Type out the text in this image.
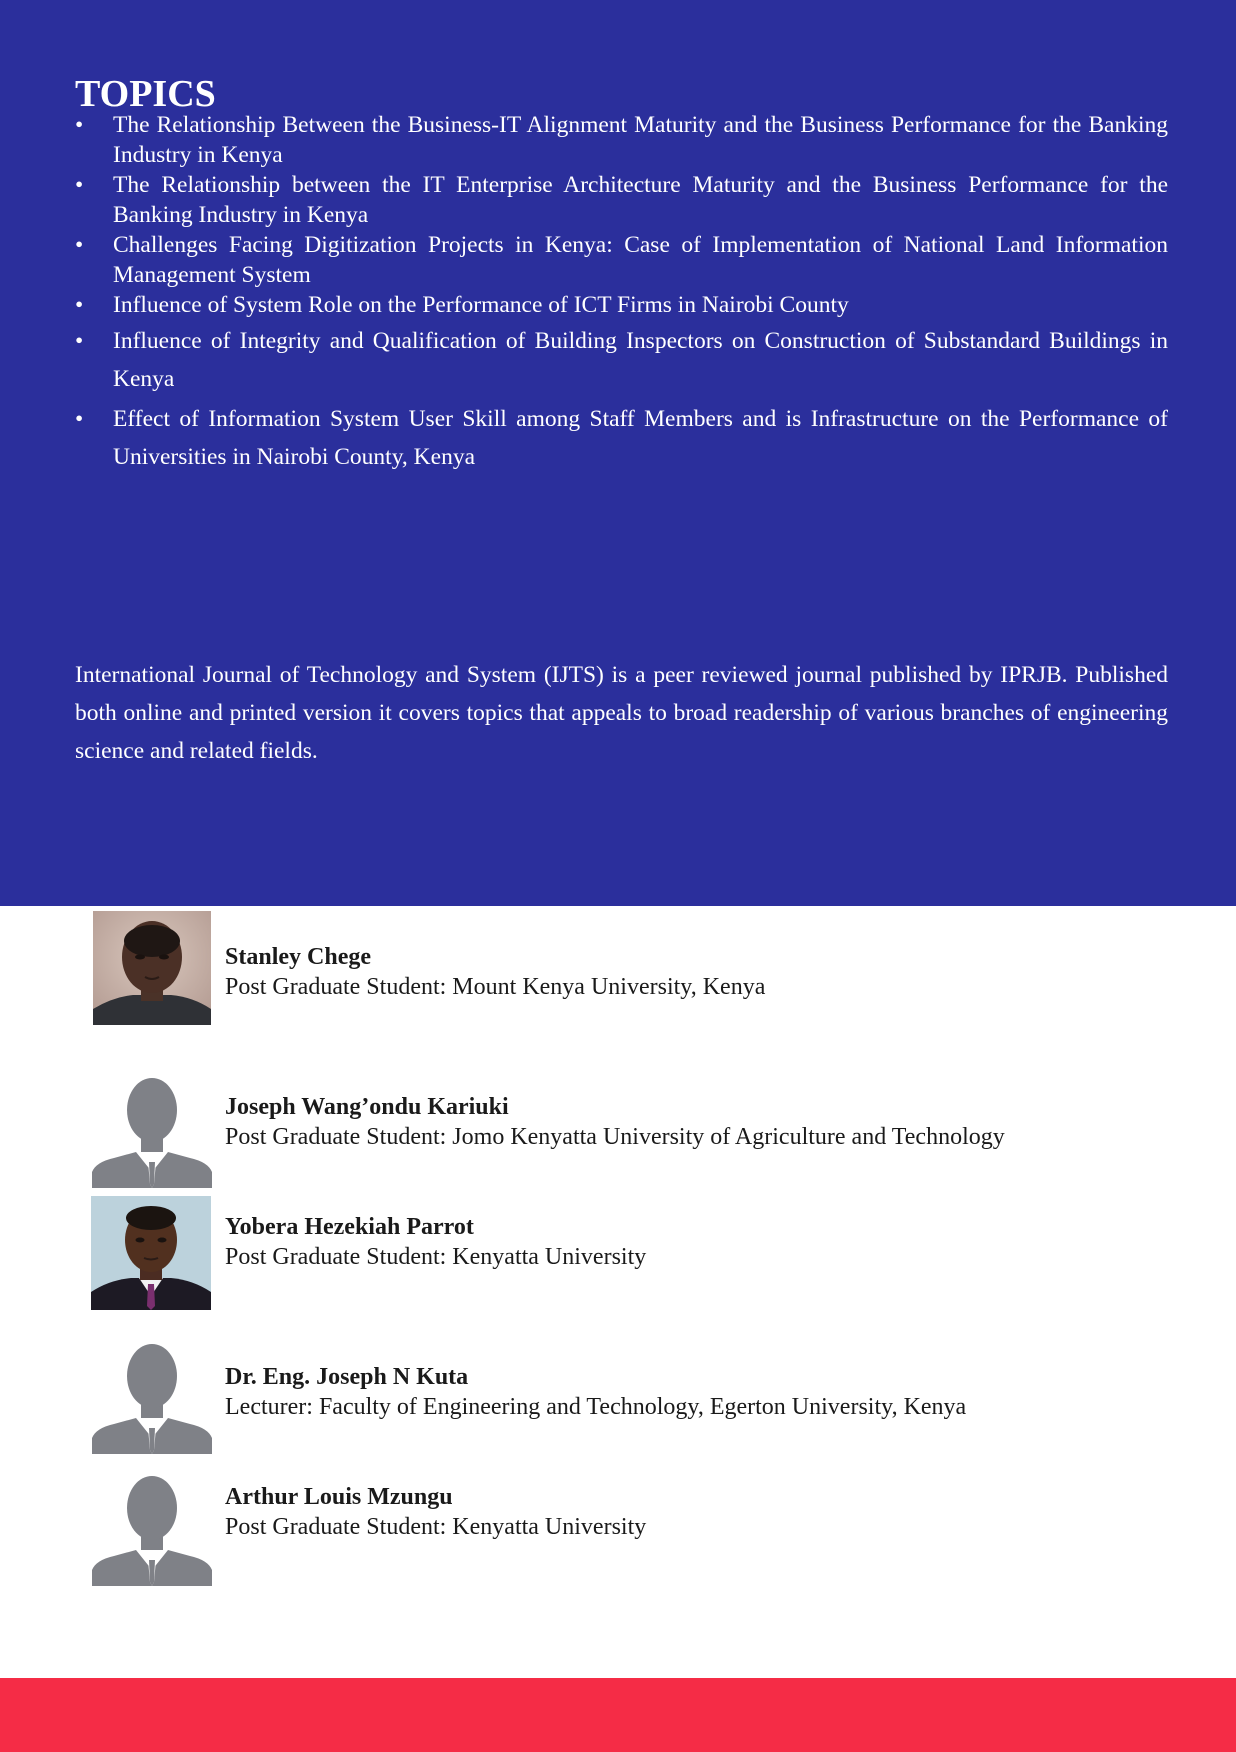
TOPICS
•	The Relationship Between the Business-IT Alignment Maturity and the Business Performance for the Banking Industry in Kenya
•	The Relationship between the IT Enterprise Architecture Maturity and the Business Performance for the Banking Industry in Kenya
•	Challenges Facing Digitization Projects in Kenya: Case of Implementation of National Land Information Management System
•	Influence of System Role on the Performance of ICT Firms in Nairobi County
•	Influence of Integrity and Qualification of Building Inspectors on Construction of Substandard Buildings in Kenya
•	Effect of Information System User Skill among Staff Members and is Infrastructure on the Performance of Universities in Nairobi County, Kenya

International Journal of Technology and System (IJTS) is a peer reviewed journal published by IPRJB. Published both online and printed version it covers topics that appeals to broad readership of various branches of engineering science and related fields.

Stanley Chege
Post Graduate Student: Mount Kenya University, Kenya
Joseph Wang’ondu Kariuki
Post Graduate Student: Jomo Kenyatta University of Agriculture and Technology
Yobera Hezekiah Parrot
Post Graduate Student: Kenyatta University
Dr. Eng. Joseph N Kuta
Lecturer: Faculty of Engineering and Technology, Egerton University, Kenya
Arthur Louis Mzungu
Post Graduate Student: Kenyatta University
